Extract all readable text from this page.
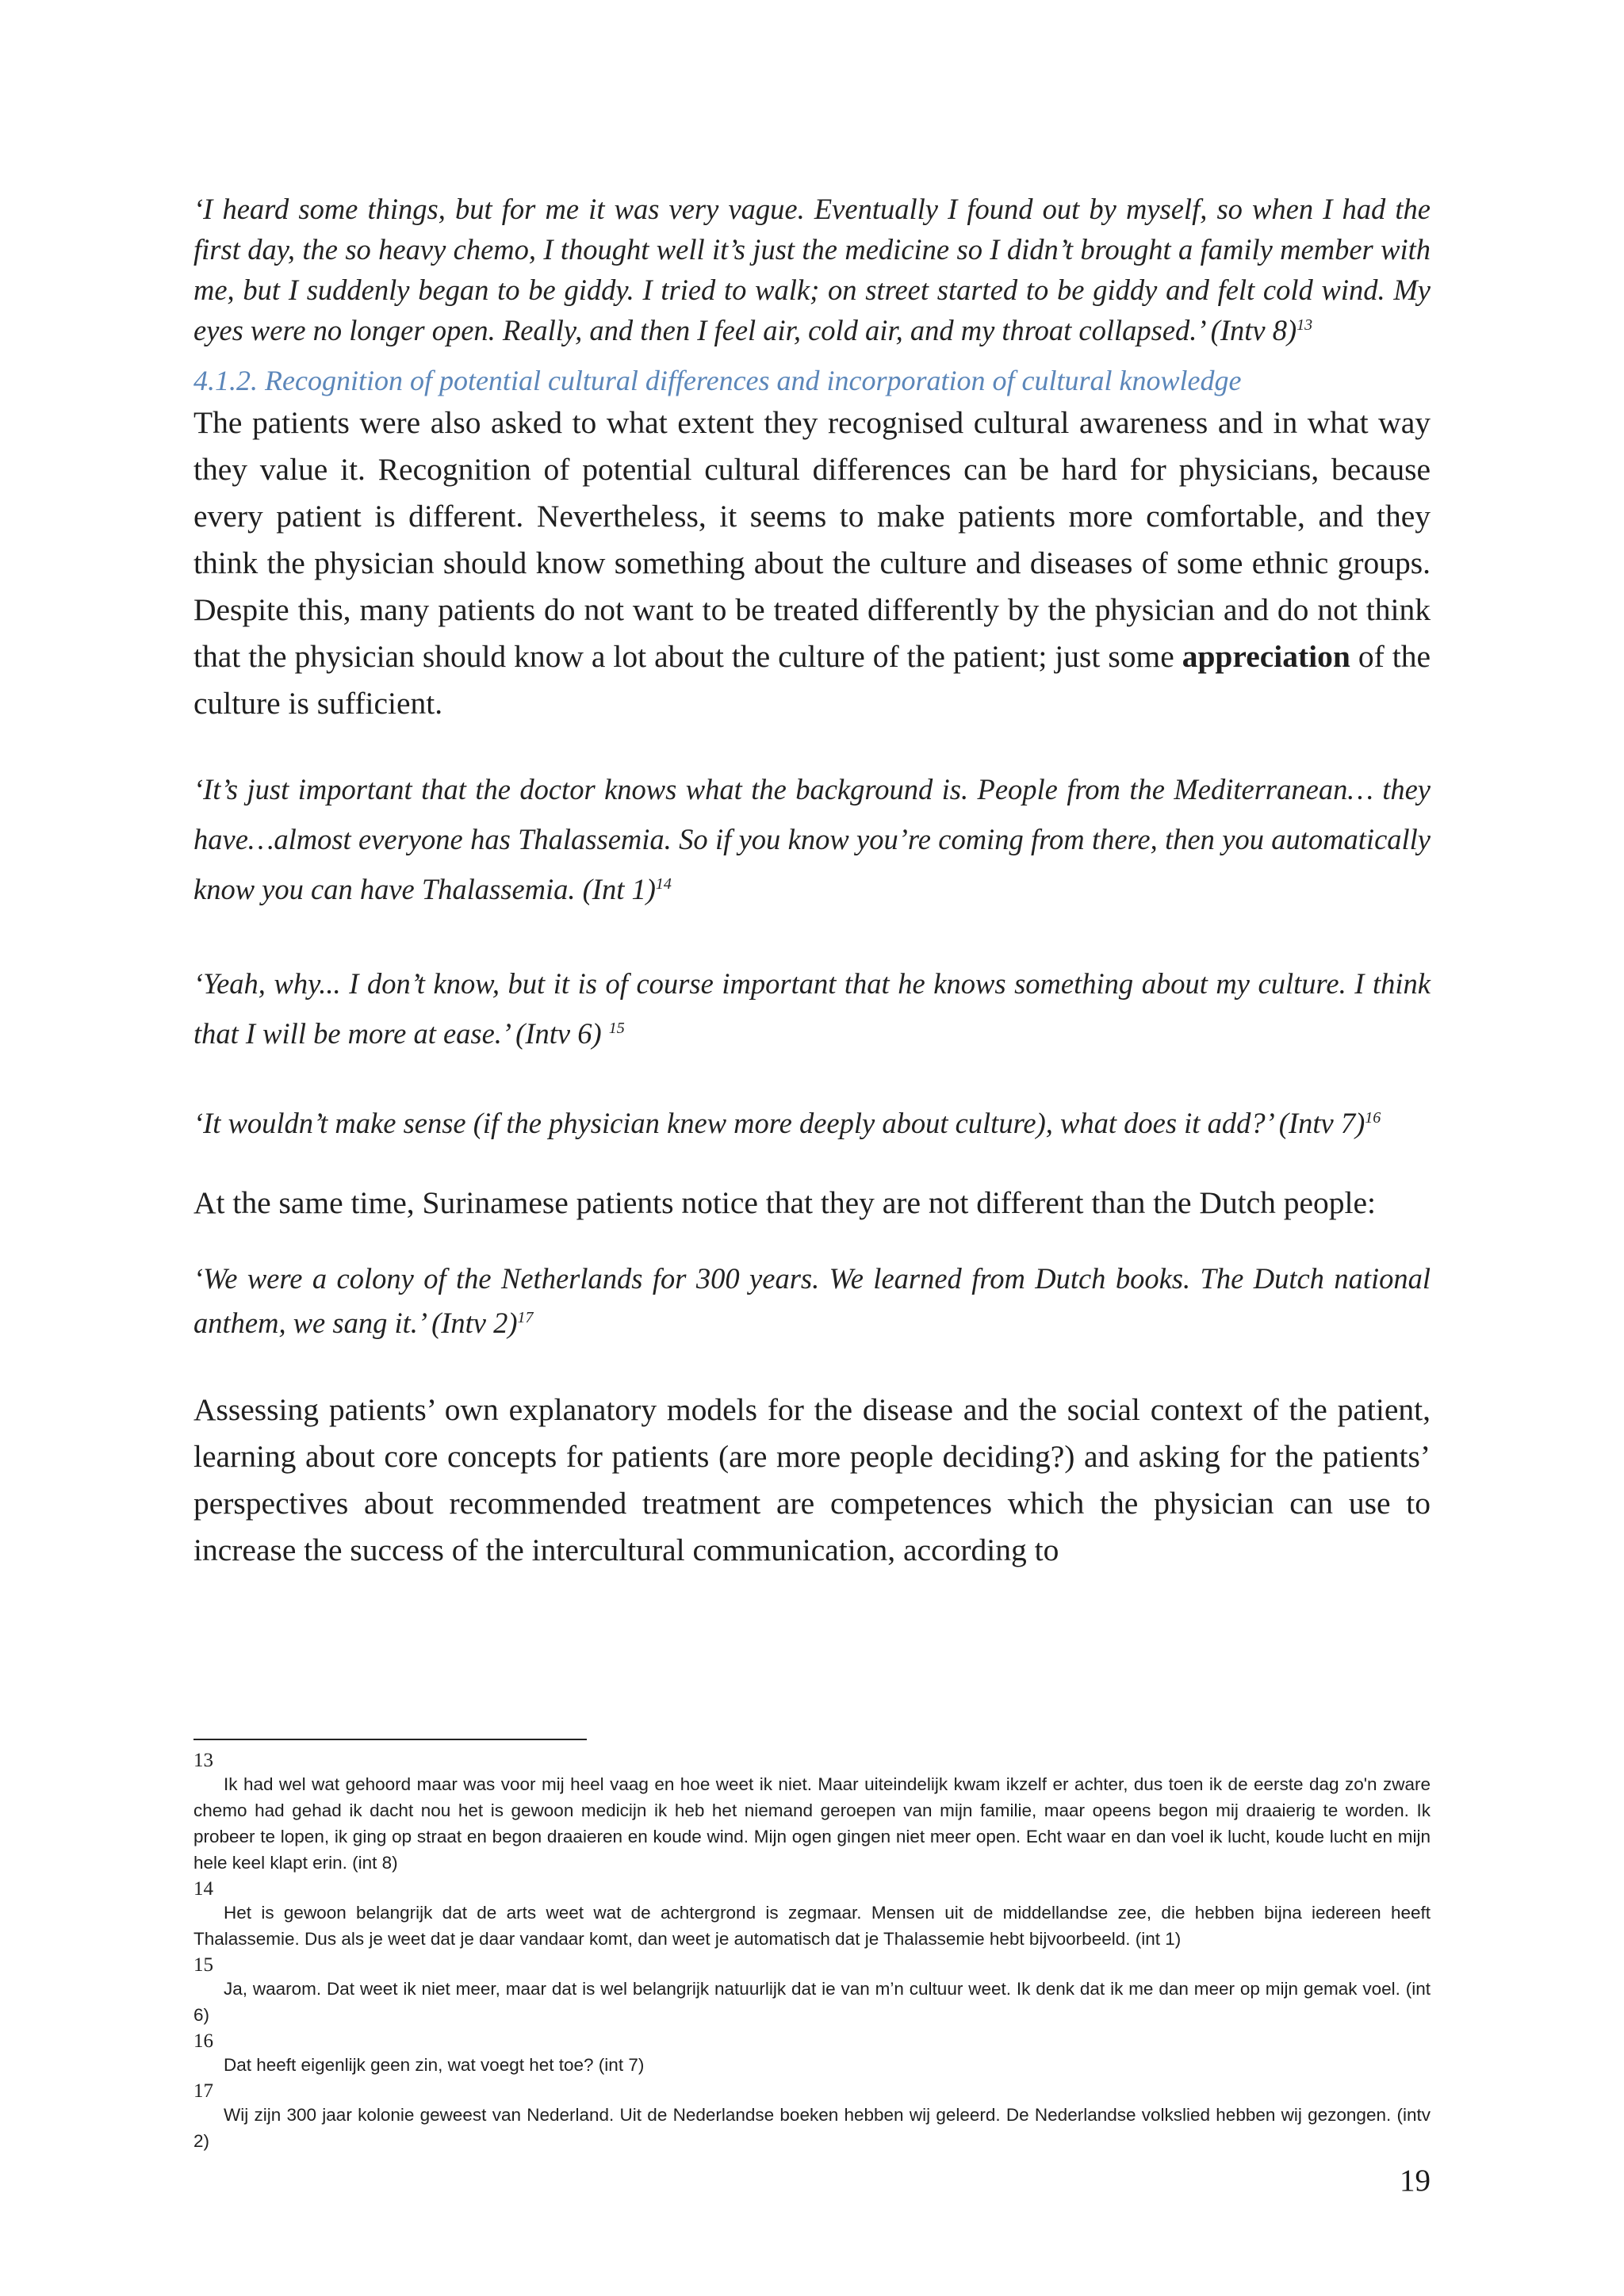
‘I heard some things, but for me it was very vague. Eventually I found out by myself, so when I had the first day, the so heavy chemo, I thought well it’s just the medicine so I didn’t brought a family member with me, but I suddenly began to be giddy. I tried to walk; on street started to be giddy and felt cold wind. My eyes were no longer open. Really, and then I feel air, cold air, and my throat collapsed.’ (Intv 8)$^{13}$

4.1.2. Recognition of potential cultural differences and incorporation of cultural knowledge

The patients were also asked to what extent they recognised cultural awareness and in what way they value it. Recognition of potential cultural differences can be hard for physicians, because every patient is different. Nevertheless, it seems to make patients more comfortable, and they think the physician should know something about the culture and diseases of some ethnic groups. Despite this, many patients do not want to be treated differently by the physician and do not think that the physician should know a lot about the culture of the patient; just some appreciation of the culture is sufficient.

‘It’s just important that the doctor knows what the background is. People from the Mediterranean… they have…almost everyone has Thalassemia. So if you know you’re coming from there, then you automatically know you can have Thalassemia. (Int 1)$^{14}$

‘Yeah, why... I don’t know, but it is of course important that he knows something about my culture. I think that I will be more at ease.’ (Intv 6) $^{15}$

‘It wouldn’t make sense (if the physician knew more deeply about culture), what does it add?’ (Intv 7)$^{16}$

At the same time, Surinamese patients notice that they are not different than the Dutch people:

‘We were a colony of the Netherlands for 300 years. We learned from Dutch books. The Dutch national anthem, we sang it.’ (Intv 2)$^{17}$

Assessing patients’ own explanatory models for the disease and the social context of the patient, learning about core concepts for patients (are more people deciding?) and asking for the patients’ perspectives about recommended treatment are competences which the physician can use to increase the success of the intercultural communication, according to

13
Ik had wel wat gehoord maar was voor mij heel vaag en hoe weet ik niet. Maar uiteindelijk kwam ikzelf er achter, dus toen ik de eerste dag zo'n zware chemo had gehad ik dacht nou het is gewoon medicijn ik heb het niemand geroepen van mijn familie, maar opeens begon mij draaierig te worden. Ik probeer te lopen, ik ging op straat en begon draaieren en koude wind. Mijn ogen gingen niet meer open. Echt waar en dan voel ik lucht, koude lucht en mijn hele keel klapt erin. (int 8)
14
Het is gewoon belangrijk dat de arts weet wat de achtergrond is zegmaar. Mensen uit de middellandse zee, die hebben bijna iedereen heeft Thalassemie. Dus als je weet dat je daar vandaar komt, dan weet je automatisch dat je Thalassemie hebt bijvoorbeeld. (int 1)
15
Ja, waarom. Dat weet ik niet meer, maar dat is wel belangrijk natuurlijk dat ie van m’n cultuur weet. Ik denk dat ik me dan meer op mijn gemak voel. (int 6)
16
Dat heeft eigenlijk geen zin, wat voegt het toe? (int 7)
17
Wij zijn 300 jaar kolonie geweest van Nederland. Uit de Nederlandse boeken hebben wij geleerd. De Nederlandse volkslied hebben wij gezongen. (intv 2)
19
